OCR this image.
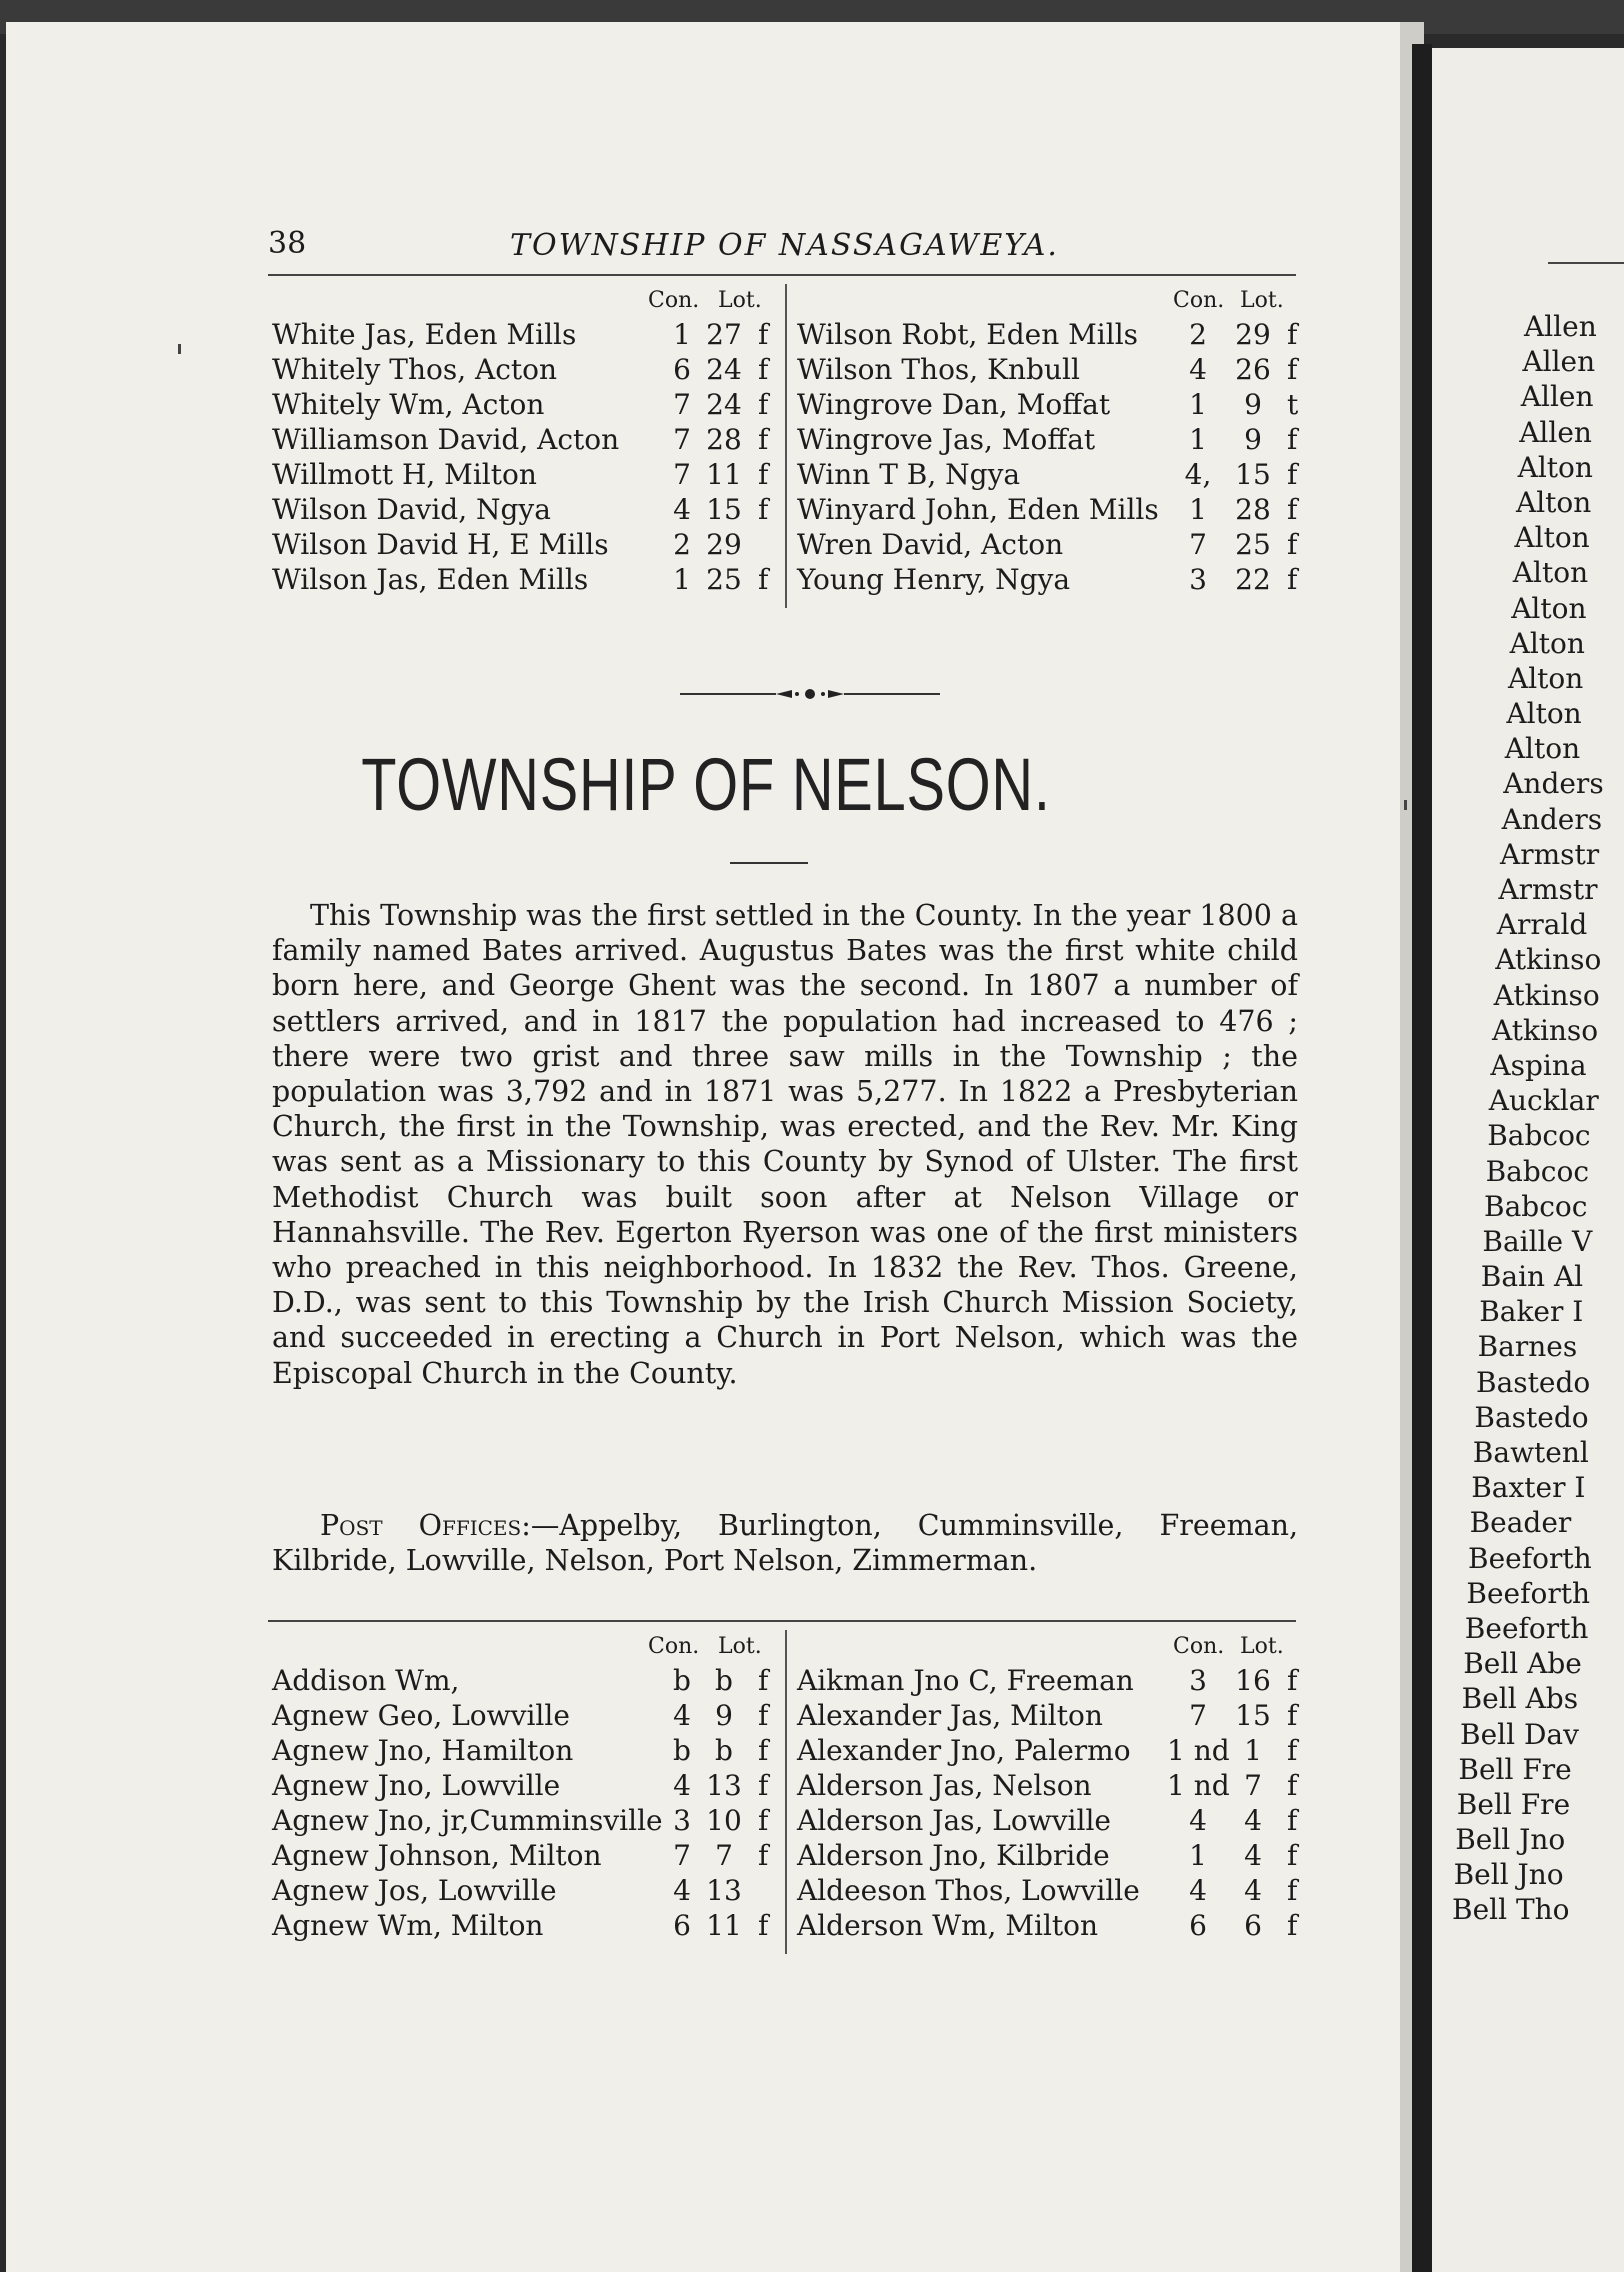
Allen
Allen
Allen
Allen
Alton
Alton
Alton
Alton
Alton
Alton
Alton
Alton
Alton
Anders
Anders
Armstr
Armstr
Arrald
Atkinso
Atkinso
Atkinso
Aspina
Aucklar
Babcoc
Babcoc
Babcoc
Baille V
Bain Al
Baker I
Barnes
Bastedo
Bastedo
Bawtenl
Baxter I
Beader
Beeforth
Beeforth
Beeforth
Bell Abe
Bell Abs
Bell Dav
Bell Fre
Bell Fre
Bell Jno
Bell Jno
Bell Tho
38	TOWNSHIP OF NASSAGAWEYA.
Con. Lot.
White Jas, Eden Mills	1 27 f
Whitely Thos, Acton	6 24 f
Whitely Wm, Acton	7 24 f
Williamson David, Acton 7 28 f
Willmott H, Milton	7 11 f
Wilson David, Ngya	4 15 f
Wilson David H, E Mills 2 29
Wilson Jas, Eden Mills	1 25 f
Con. Lot.
Wilson Robt, Eden Mills	2	29 f
Wilson Thos, Knbull	4	26 f
Wingrove Dan, Moffat	1	9 t
Wingrove Jas, Moffat	1	9 f
Winn T B, Ngya	4, 15 f
Winyard John, Eden Mills	1	28 f
Wren David, Acton	7	25 f
Young Henry, Ngya	3	22 f
TOWNSHIP OF NELSON.
This Township was the first settled in the County. In the year 1800 a family named Bates arrived. Augustus Bates was the first white child born here, and George Ghent was the second. In 1807 a number of settlers arrived, and in 1817 the population had increased to 476 ; there were two grist and three saw mills in the Township ; the population was 3,792 and in 1871 was 5,277. In 1822 a Presbyterian Church, the first in the Township, was erected, and the Rev. Mr. King was sent as a Missionary to this County by Synod of Ulster. The first Methodist Church was built soon after at Nelson Village or Hannahsville. The Rev. Egerton Ryerson was one of the first ministers who preached in this neighborhood. In 1832 the Rev. Thos. Greene, D.D., was sent to this Township by the Irish Church Mission Society, and succeeded in erecting a Church in Port Nelson, which was the Episcopal Church in the County.
Post Offices:—Appelby, Burlington, Cumminsville, Freeman, Kilbride, Lowville, Nelson, Port Nelson, Zimmerman.
Con. Lot.
Addison Wm,	b b f
Agnew Geo, Lowville	4 9 f
Agnew Jno, Hamilton	b b f
Agnew Jno, Lowville	4 13 f
Agnew Jno, jr,Cumminsville 3 10 f
Agnew Johnson, Milton	7 7 f
Agnew Jos, Lowville	4 13
Agnew Wm, Milton	6 11 f
Con. Lot.
Aikman Jno C, Freeman	3	16 f
Alexander Jas, Milton	7	15 f
Alexander Jno, Palermo 1 nd 1 f
Alderson Jas, Nelson	1 nd 7 f
Alderson Jas, Lowville	4	4 f
Alderson Jno, Kilbride	1	4 f
Aldeeson Thos, Lowville	4	4 f
Alderson Wm, Milton	6	6 f
